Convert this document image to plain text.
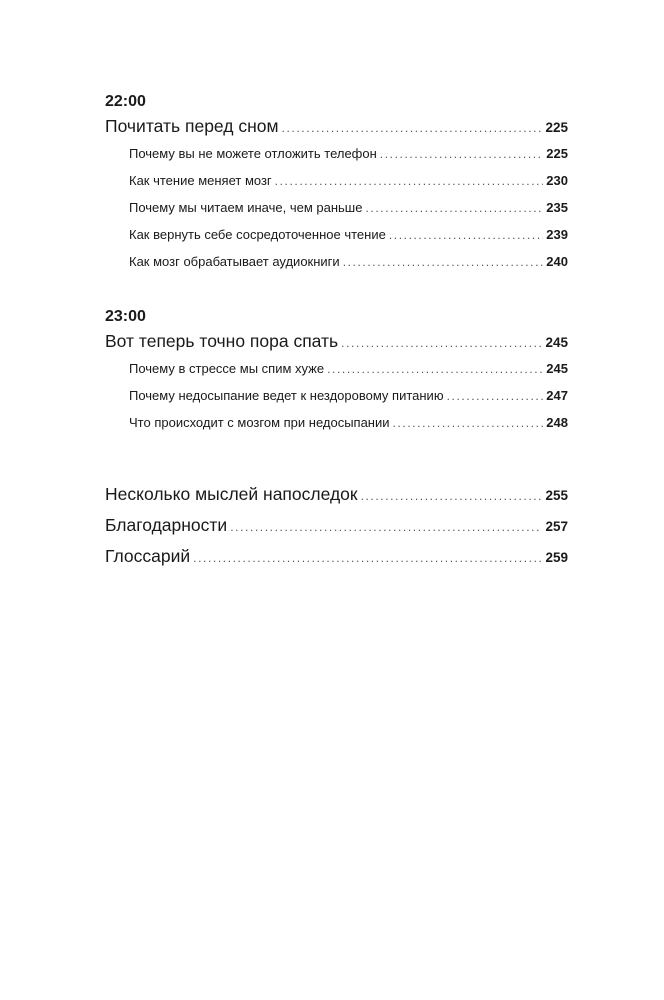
22:00
Почитать перед сном .....	225
Почему вы не можете отложить телефон .....	225
Как чтение меняет мозг .....	230
Почему мы читаем иначе, чем раньше .....	235
Как вернуть себе сосредоточенное чтение .....	239
Как мозг обрабатывает аудиокниги .....	240
23:00
Вот теперь точно пора спать .....	245
Почему в стрессе мы спим хуже .....	245
Почему недосыпание ведет к нездоровому питанию .....	247
Что происходит с мозгом при недосыпании .....	248
Несколько мыслей напоследок .....	255
Благодарности .....	257
Глоссарий .....	259
